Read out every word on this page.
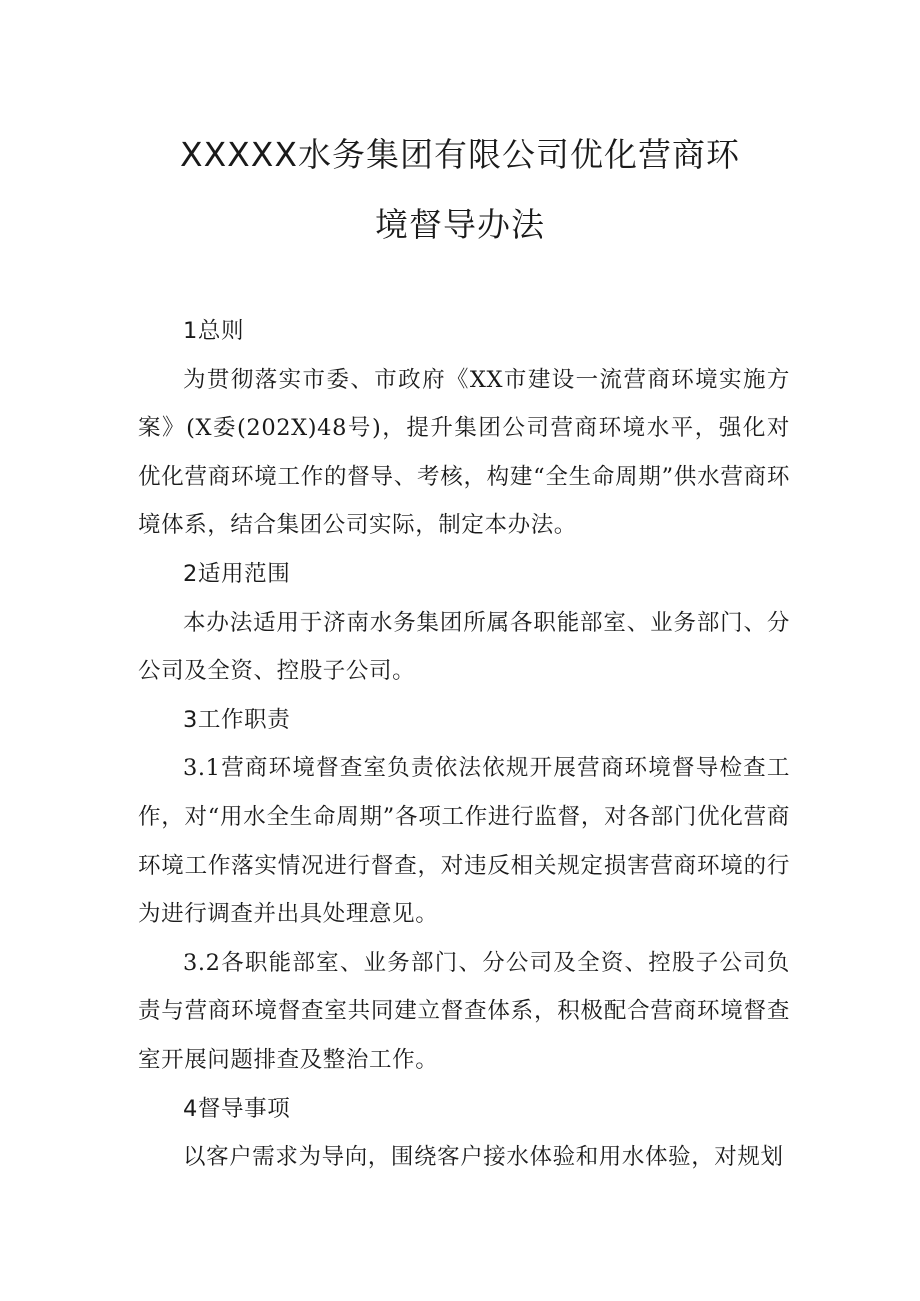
XXXXX水务集团有限公司优化营商环
境督导办法

1总则

为贯彻落实市委、市政府《XX市建设一流营商环境实施方案》(X委(202X)48号)，提升集团公司营商环境水平，强化对优化营商环境工作的督导、考核，构建“全生命周期”供水营商环境体系，结合集团公司实际，制定本办法。

2适用范围

本办法适用于济南水务集团所属各职能部室、业务部门、分公司及全资、控股子公司。

3工作职责

3.1营商环境督查室负责依法依规开展营商环境督导检查工作，对“用水全生命周期”各项工作进行监督，对各部门优化营商环境工作落实情况进行督查，对违反相关规定损害营商环境的行为进行调查并出具处理意见。

3.2各职能部室、业务部门、分公司及全资、控股子公司负责与营商环境督查室共同建立督查体系，积极配合营商环境督查室开展问题排查及整治工作。

4督导事项

以客户需求为导向，围绕客户接水体验和用水体验，对规划
